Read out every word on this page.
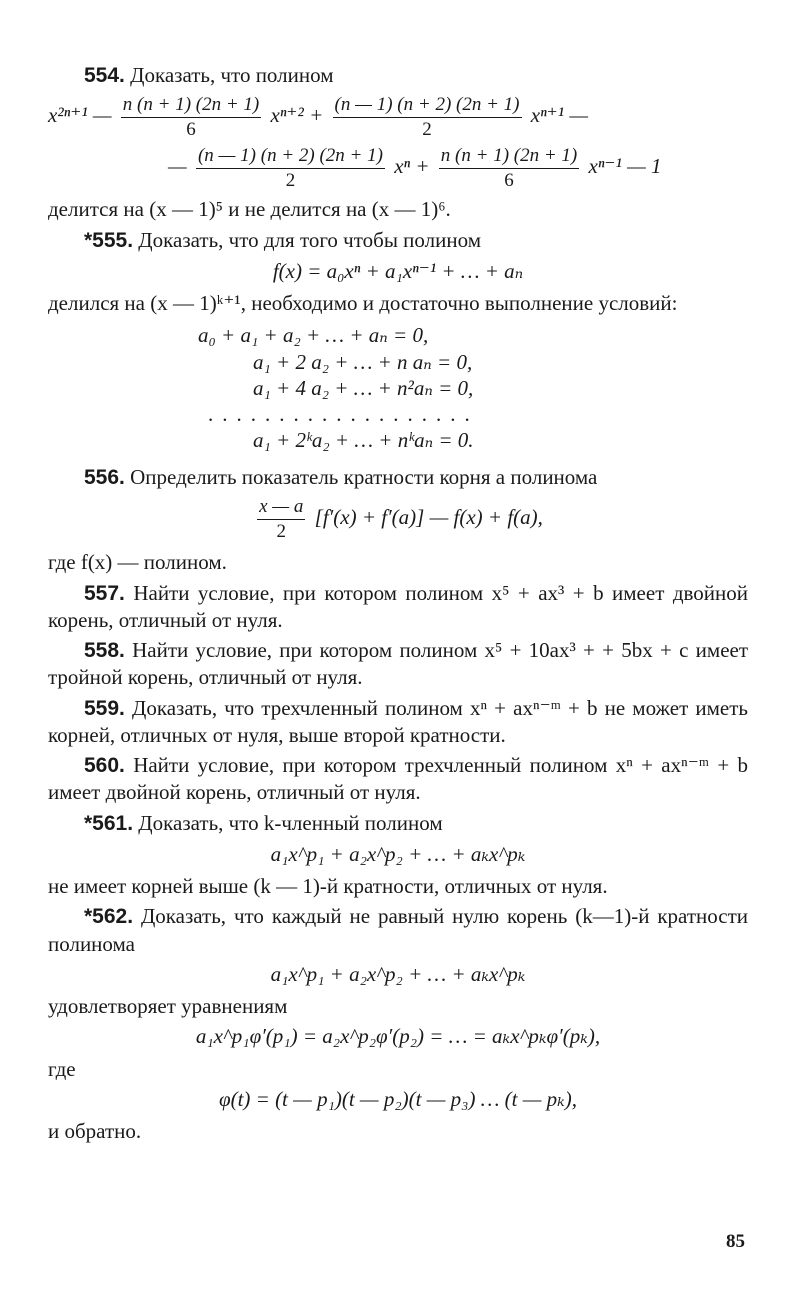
554. Доказать, что полином

x²ⁿ⁺¹ — $\frac{n (n + 1) (2n + 1)}{6} x^{n+2} + \frac{(n — 1) (n + 2) (2n + 1)}{2} x^{n+1}$ —
— $\frac{(n — 1) (n + 2) (2n + 1)}{2}$ $x^n + \frac{n (n + 1) (2n + 1)}{6} x^{n-1}$ — 1

делится на (x — 1)⁵ и не делится на (x — 1)⁶.

*555. Доказать, что для того чтобы полином

f(x) = a₀xⁿ + a₁xⁿ⁻¹ + … + aₙ

делился на (x — 1)ᵏ⁺¹, необходимо и достаточно выполнение условий:

a₀ + a₁ + a₂ + … + aₙ = 0,
a₁ + 2 a₂ + … + n aₙ = 0,
a₁ + 4 a₂ + … + n²aₙ = 0,
...................
a₁ + 2ᵏa₂ + … + nᵏaₙ = 0.

556. Определить показатель кратности корня a полинома

$\frac{x — a}{2} [f'(x) + f'(a)]$ — f(x) + f(a),

где f(x) — полином.

557. Найти условие, при котором полином x⁵ + ax³ + b имеет двойной корень, отличный от нуля.

558. Найти условие, при котором полином x⁵ + 10ax³ + + 5bx + c имеет тройной корень, отличный от нуля.

559. Доказать, что трехчленный полином xⁿ + axⁿ⁻ᵐ + b не может иметь корней, отличных от нуля, выше второй кратности.

560. Найти условие, при котором трехчленный полином xⁿ + axⁿ⁻ᵐ + b имеет двойной корень, отличный от нуля.

*561. Доказать, что k-членный полином

a₁x^p₁ + a₂x^p₂ + … + aₖx^pₖ

не имеет корней выше (k — 1)-й кратности, отличных от нуля.

*562. Доказать, что каждый не равный нулю корень (k—1)-й кратности полинома

a₁x^p₁ + a₂x^p₂ + … + aₖx^pₖ

удовлетворяет уравнениям

a₁x^p₁φ′(p₁) = a₂x^p₂φ′(p₂) = … = aₖx^pₖφ′(pₖ),

где

φ(t) = (t — p₁)(t — p₂)(t — p₃) … (t — pₖ),

и обратно.

85
